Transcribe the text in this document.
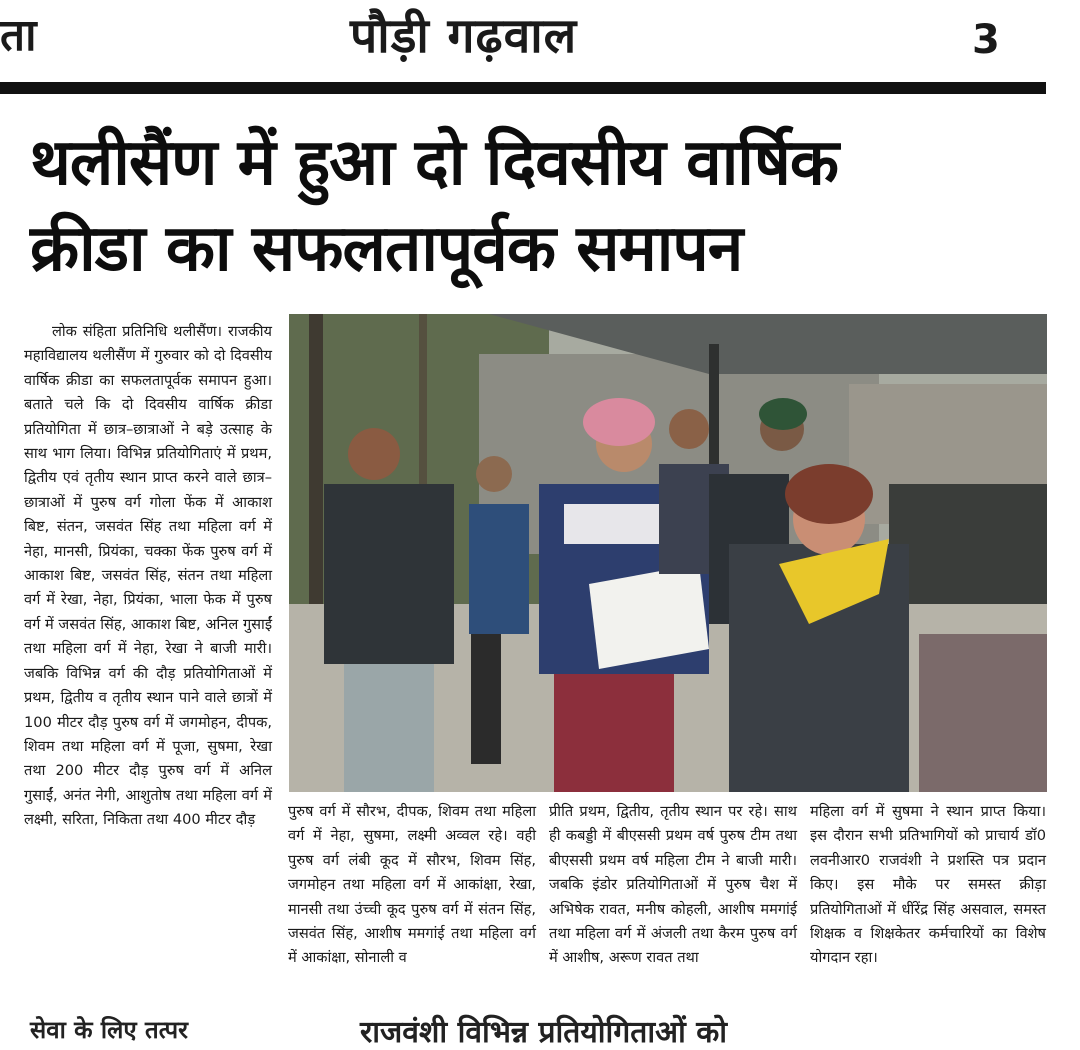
ता	पौड़ी गढ़वाल	3
थलीसैंण में हुआ दो दिवसीय वार्षिक
क्रीडा का सफलतापूर्वक समापन

लोक संहिता प्रतिनिधि थलीसैंण। राजकीय महाविद्यालय थलीसैंण में गुरुवार को दो दिवसीय वार्षिक क्रीडा का सफलतापूर्वक समापन हुआ। बताते चले कि दो दिवसीय वार्षिक क्रीडा प्रतियोगिता में छात्र–छात्राओं ने बड़े उत्साह के साथ भाग लिया। विभिन्न प्रतियोगिताएं में प्रथम, द्वितीय एवं तृतीय स्थान प्राप्त करने वाले छात्र–छात्राओं में पुरुष वर्ग गोला फेंक में आकाश बिष्ट, संतन, जसवंत सिंह तथा महिला वर्ग में नेहा, मानसी, प्रियंका, चक्का फेंक पुरुष वर्ग में आकाश बिष्ट, जसवंत सिंह, संतन तथा महिला वर्ग में रेखा, नेहा, प्रियंका, भाला फेक में पुरुष वर्ग में जसवंत सिंह, आकाश बिष्ट, अनिल गुसाईं तथा महिला वर्ग में नेहा, रेखा ने बाजी मारी। जबकि विभिन्न वर्ग की दौड़ प्रतियोगिताओं में प्रथम, द्वितीय व तृतीय स्थान पाने वाले छात्रों में 100 मीटर दौड़ पुरुष वर्ग में जगमोहन, दीपक, शिवम तथा महिला वर्ग में पूजा, सुषमा, रेखा तथा 200 मीटर दौड़ पुरुष वर्ग में अनिल गुसाईं, अनंत नेगी, आशुतोष तथा महिला वर्ग में लक्ष्मी, सरिता, निकिता तथा 400 मीटर दौड़	पुरुष वर्ग में सौरभ, दीपक, शिवम तथा महिला वर्ग में नेहा, सुषमा, लक्ष्मी अव्वल रहे। वही पुरुष वर्ग लंबी कूद में सौरभ, शिवम सिंह, जगमोहन तथा महिला वर्ग में आकांक्षा, रेखा, मानसी तथा उंच्ची कूद पुरुष वर्ग में संतन सिंह, जसवंत सिंह, आशीष ममगांई तथा महिला वर्ग में आकांक्षा, सोनाली व

प्रीति प्रथम, द्वितीय, तृतीय स्थान पर रहे। साथ ही कबड्डी में बीएससी प्रथम वर्ष पुरुष टीम तथा बीएससी प्रथम वर्ष महिला टीम ने बाजी मारी। जबकि इंडोर प्रतियोगिताओं में पुरुष चैश में अभिषेक रावत, मनीष कोहली, आशीष ममगांई तथा महिला वर्ग में अंजली तथा कैरम पुरुष वर्ग में आशीष, अरूण रावत तथा

महिला वर्ग में सुषमा ने स्थान प्राप्त किया। इस दौरान सभी प्रतिभागियों को प्राचार्य डॉ0 लवनीआर0 राजवंशी ने प्रशस्ति पत्र प्रदान किए। इस मौके पर समस्त क्रीड़ा प्रतियोगिताओं में धींरेंद्र सिंह असवाल, समस्त शिक्षक व शिक्षकेतर कर्मचारियों का विशेष योगदान रहा।

सेवा के लिए तत्पर	राजवंशी विभिन्न प्रतियोगिताओं को
